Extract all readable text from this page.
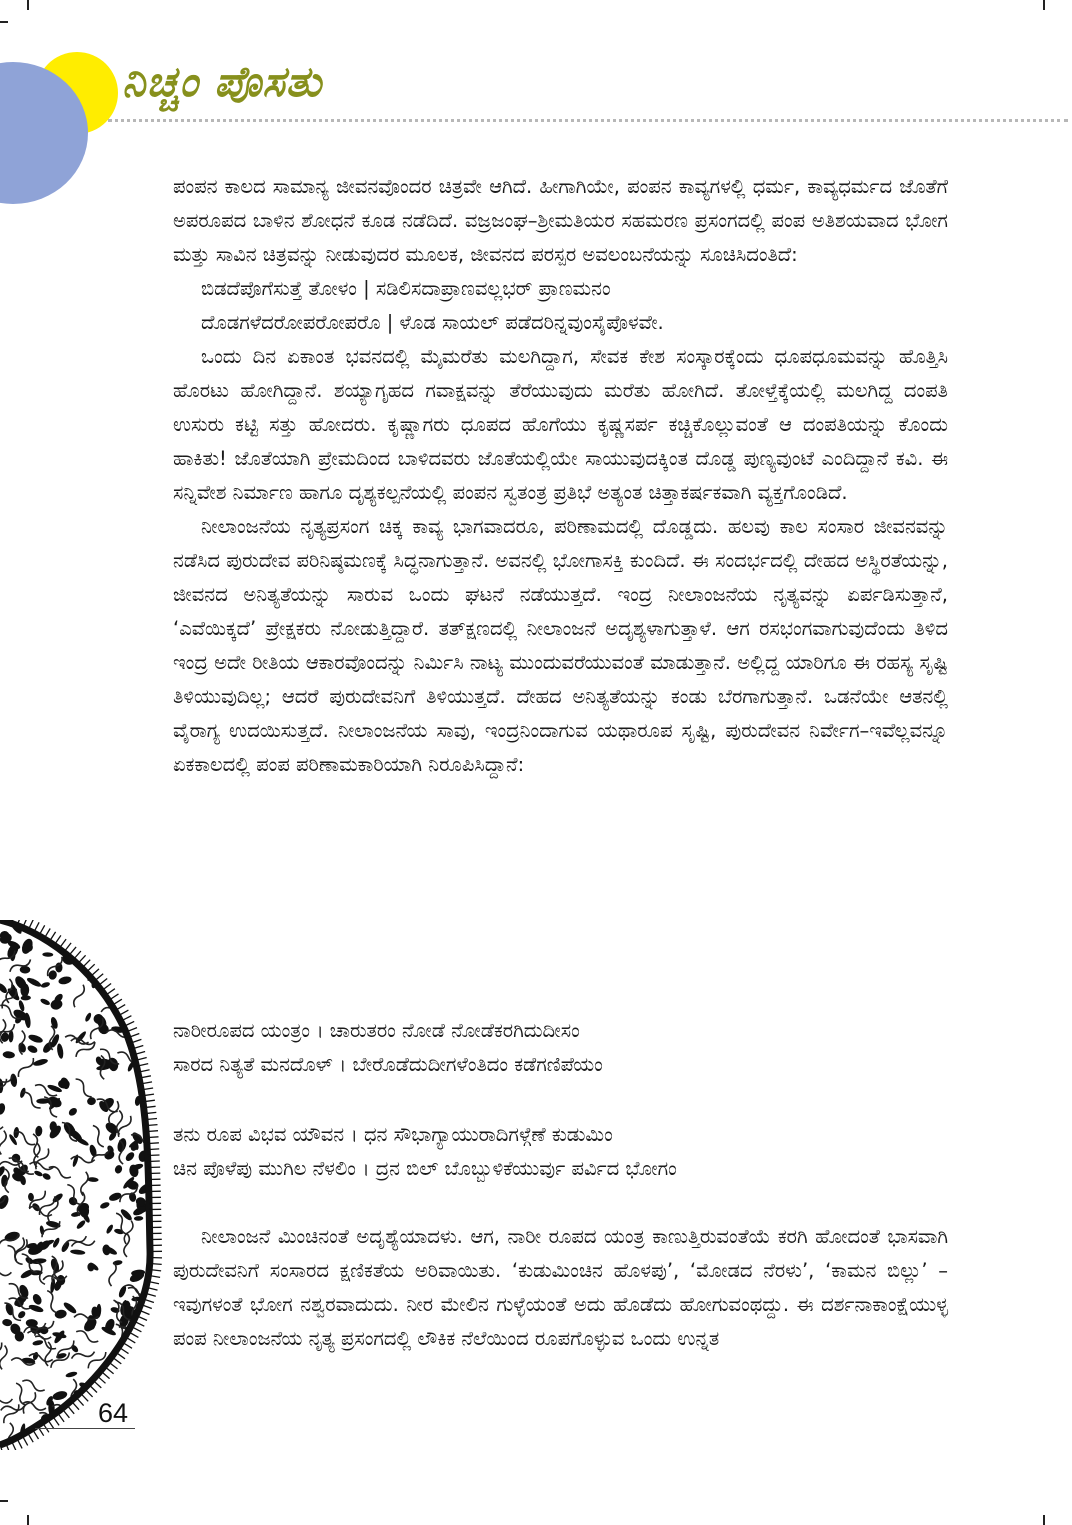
ನಿಚ್ಚಂ ಪೊಸತು

ಪಂಪನ ಕಾಲದ ಸಾಮಾನ್ಯ ಜೀವನವೊಂದರ ಚಿತ್ರವೇ ಆಗಿದೆ. ಹೀಗಾಗಿಯೇ, ಪಂಪನ ಕಾವ್ಯಗಳಲ್ಲಿ ಧರ್ಮ, ಕಾವ್ಯಧರ್ಮದ ಜೊತೆಗೆ ಅಪರೂಪದ ಬಾಳಿನ ಶೋಧನೆ ಕೂಡ ನಡೆದಿದೆ. ವಜ್ರಜಂಘ–ಶ್ರೀಮತಿಯರ ಸಹಮರಣ ಪ್ರಸಂಗದಲ್ಲಿ ಪಂಪ ಅತಿಶಯವಾದ ಭೋಗ ಮತ್ತು ಸಾವಿನ ಚಿತ್ರವನ್ನು ನೀಡುವುದರ ಮೂಲಕ, ಜೀವನದ ಪರಸ್ಪರ ಅವಲಂಬನೆಯನ್ನು ಸೂಚಿಸಿದಂತಿದೆ:

ಬಿಡದೆಪೊಗೆಸುತ್ತೆ ತೋಳಂ | ಸಡಿಲಿಸದಾಪ್ರಾಣವಲ್ಲಭರ್ ಪ್ರಾಣಮನಂ

ದೊಡಗಳೆದರೋಪರೋಪರೊ | ಳೊಡ ಸಾಯಲ್ ಪಡೆದರಿನ್ನವುಂಸೈಪೊಳವೇ.

ಒಂದು ದಿನ ಏಕಾಂತ ಭವನದಲ್ಲಿ ಮೈಮರೆತು ಮಲಗಿದ್ದಾಗ, ಸೇವಕ ಕೇಶ ಸಂಸ್ಕಾರಕ್ಕೆಂದು ಧೂಪಧೂಮವನ್ನು ಹೊತ್ತಿಸಿ ಹೊರಟು ಹೋಗಿದ್ದಾನೆ. ಶಯ್ಯಾಗೃಹದ ಗವಾಕ್ಷವನ್ನು ತೆರೆಯುವುದು ಮರೆತು ಹೋಗಿದೆ. ತೋಳ್ತೆಕ್ಕೆಯಲ್ಲಿ ಮಲಗಿದ್ದ ದಂಪತಿ ಉಸುರು ಕಟ್ಟಿ ಸತ್ತು ಹೋದರು. ಕೃಷ್ಣಾಗರು ಧೂಪದ ಹೊಗೆಯು ಕೃಷ್ಣಸರ್ಪ ಕಚ್ಚಿಕೊಲ್ಲುವಂತೆ ಆ ದಂಪತಿಯನ್ನು ಕೊಂದು ಹಾಕಿತು! ಜೊತೆಯಾಗಿ ಪ್ರೇಮದಿಂದ ಬಾಳಿದವರು ಜೊತೆಯಲ್ಲಿಯೇ ಸಾಯುವುದಕ್ಕಿಂತ ದೊಡ್ಡ ಪುಣ್ಯವುಂಟೆ ಎಂದಿದ್ದಾನೆ ಕವಿ. ಈ ಸನ್ನಿವೇಶ ನಿರ್ಮಾಣ ಹಾಗೂ ದೃಶ್ಯಕಲ್ಪನೆಯಲ್ಲಿ ಪಂಪನ ಸ್ವತಂತ್ರ ಪ್ರತಿಭೆ ಅತ್ಯಂತ ಚಿತ್ತಾಕರ್ಷಕವಾಗಿ ವ್ಯಕ್ತಗೊಂಡಿದೆ.

ನೀಲಾಂಜನೆಯ ನೃತ್ಯಪ್ರಸಂಗ ಚಿಕ್ಕ ಕಾವ್ಯ ಭಾಗವಾದರೂ, ಪರಿಣಾಮದಲ್ಲಿ ದೊಡ್ಡದು. ಹಲವು ಕಾಲ ಸಂಸಾರ ಜೀವನವನ್ನು ನಡೆಸಿದ ಪುರುದೇವ ಪರಿನಿಷ್ಠಮಣಕ್ಕೆ ಸಿದ್ಧನಾಗುತ್ತಾನೆ. ಅವನಲ್ಲಿ ಭೋಗಾಸಕ್ತಿ ಕುಂದಿದೆ. ಈ ಸಂದರ್ಭದಲ್ಲಿ ದೇಹದ ಅಸ್ಥಿರತೆಯನ್ನು, ಜೀವನದ ಅನಿತ್ಯತೆಯನ್ನು ಸಾರುವ ಒಂದು ಘಟನೆ ನಡೆಯುತ್ತದೆ. ಇಂದ್ರ ನೀಲಾಂಜನೆಯ ನೃತ್ಯವನ್ನು ಏರ್ಪಡಿಸುತ್ತಾನೆ, ‘ಎವೆಯಿಕ್ಕದೆ’ ಪ್ರೇಕ್ಷಕರು ನೋಡುತ್ತಿದ್ದಾರೆ. ತತ್‌ಕ್ಷಣದಲ್ಲಿ ನೀಲಾಂಜನೆ ಅದೃಶ್ಯಳಾಗುತ್ತಾಳೆ. ಆಗ ರಸಭಂಗವಾಗುವುದೆಂದು ತಿಳಿದ ಇಂದ್ರ ಅದೇ ರೀತಿಯ ಆಕಾರವೊಂದನ್ನು ನಿರ್ಮಿಸಿ ನಾಟ್ಯ ಮುಂದುವರೆಯುವಂತೆ ಮಾಡುತ್ತಾನೆ. ಅಲ್ಲಿದ್ದ ಯಾರಿಗೂ ಈ ರಹಸ್ಯ ಸೃಷ್ಟಿ ತಿಳಿಯುವುದಿಲ್ಲ; ಆದರೆ ಪುರುದೇವನಿಗೆ ತಿಳಿಯುತ್ತದೆ. ದೇಹದ ಅನಿತ್ಯತೆಯನ್ನು ಕಂಡು ಬೆರಗಾಗುತ್ತಾನೆ. ಒಡನೆಯೇ ಆತನಲ್ಲಿ ವೈರಾಗ್ಯ ಉದಯಿಸುತ್ತದೆ. ನೀಲಾಂಜನೆಯ ಸಾವು, ಇಂದ್ರನಿಂದಾಗುವ ಯಥಾರೂಪ ಸೃಷ್ಟಿ, ಪುರುದೇವನ ನಿರ್ವೇಗ–ಇವೆಲ್ಲವನ್ನೂ ಏಕಕಾಲದಲ್ಲಿ ಪಂಪ ಪರಿಣಾಮಕಾರಿಯಾಗಿ ನಿರೂಪಿಸಿದ್ದಾನೆ:

ನಾರೀರೂಪದ ಯಂತ್ರಂ । ಚಾರುತರಂ ನೋಡೆ ನೋಡೆಕರಗಿದುದೀಸಂ

ಸಾರದ ನಿತ್ಯತೆ ಮನದೊಳ್ । ಬೇರೊಡೆದುದೀಗಳೆಂತಿದಂ ಕಡೆಗಣಿಪೆಯಂ

ತನು ರೂಪ ವಿಭವ ಯೌವನ । ಧನ ಸೌಭಾಗ್ಯಾಯುರಾದಿಗಳ್ಗೆಣೆ ಕುಡುಮಿಂ

ಚಿನ ಪೊಳೆಪು ಮುಗಿಲ ನೆಳಲಿಂ । ದ್ರನ ಬಿಲ್ ಬೊಬ್ಬುಳಿಕೆಯುರ್ವು ಪರ್ವಿದ ಭೋಗಂ

ನೀಲಾಂಜನೆ ಮಿಂಚಿನಂತೆ ಅದೃಶ್ಯೆಯಾದಳು. ಆಗ, ನಾರೀ ರೂಪದ ಯಂತ್ರ ಕಾಣುತ್ತಿರುವಂತೆಯೆ ಕರಗಿ ಹೋದಂತೆ ಭಾಸವಾಗಿ ಪುರುದೇವನಿಗೆ ಸಂಸಾರದ ಕ್ಷಣಿಕತೆಯ ಅರಿವಾಯಿತು. ‘ಕುಡುಮಿಂಚಿನ ಹೊಳಪು’, ‘ಮೋಡದ ನೆರಳು’, ‘ಕಾಮನ ಬಿಲ್ಲು’ – ಇವುಗಳಂತೆ ಭೋಗ ನಶ್ವರವಾದುದು. ನೀರ ಮೇಲಿನ ಗುಳ್ಳೆಯಂತೆ ಅದು ಹೊಡೆದು ಹೋಗುವಂಥದ್ದು. ಈ ದರ್ಶನಾಕಾಂಕ್ಷೆಯುಳ್ಳ ಪಂಪ ನೀಲಾಂಜನೆಯ ನೃತ್ಯ ಪ್ರಸಂಗದಲ್ಲಿ ಲೌಕಿಕ ನೆಲೆಯಿಂದ ರೂಪಗೊಳ್ಳುವ ಒಂದು ಉನ್ನತ

64
